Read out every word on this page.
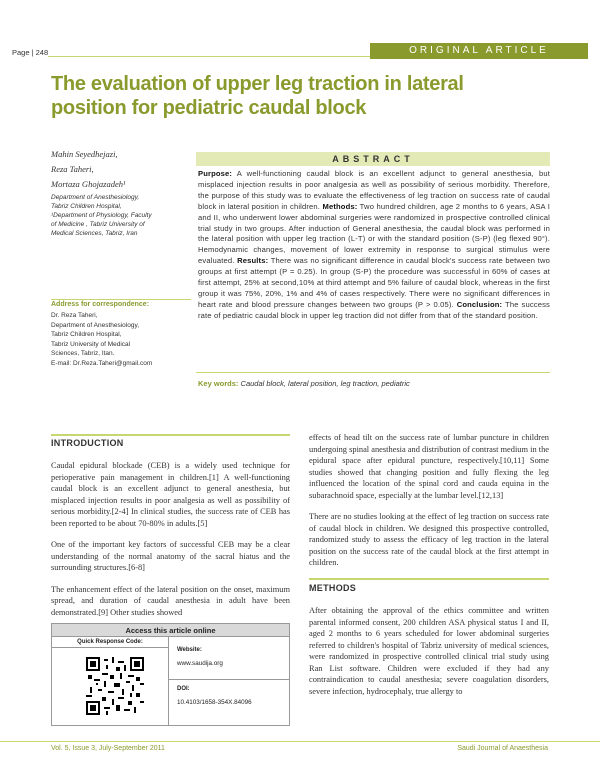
Page | 248	ORIGINAL ARTICLE
The evaluation of upper leg traction in lateral
position for pediatric caudal block
Mahin Seyedhejazi,
Reza Taheri,
Mortaza Ghojazadeh¹
Department of Anesthesiology,
Tabriz Children Hospital,
¹Department of Physiology, Faculty
of Medicine , Tabriz University of
Medical Sciences, Tabriz, Iran
Address for correspondence:
Dr. Reza Taheri,
Department of Anesthesiology,
Tabriz Children Hospital,
Tabriz University of Medical
Sciences, Tabriz, Itan.
E-mail: Dr.Reza.Taheri@gmail.com
ABSTRACT
Purpose: A well-functioning caudal block is an excellent adjunct to general anesthesia, but misplaced injection results in poor analgesia as well as possibility of serious morbidity. Therefore, the purpose of this study was to evaluate the effectiveness of leg traction on success rate of caudal block in lateral position in children. Methods: Two hundred children, age 2 months to 6 years, ASA I and II, who underwent lower abdominal surgeries were randomized in prospective controlled clinical trial study in two groups. After induction of General anesthesia, the caudal block was performed in the lateral position with upper leg traction (L-T) or with the standard position (S-P) (leg flexed 90°). Hemodynamic changes, movement of lower extremity in response to surgical stimulus were evaluated. Results: There was no significant difference in caudal block's success rate between two groups at first attempt (P = 0.25). In group (S-P) the procedure was successful in 60% of cases at first attempt, 25% at second,10% at third attempt and 5% failure of caudal block, whereas in the first group it was 75%, 20%, 1% and 4% of cases respectively. There were no significant differences in heart rate and blood pressure changes between two groups (P > 0.05). Conclusion: The success rate of pediatric caudal block in upper leg traction did not differ from that of the standard position.
Key words: Caudal block, lateral position, leg traction, pediatric
INTRODUCTION

Caudal epidural blockade (CEB) is a widely used technique for perioperative pain management in children.[1] A well-functioning caudal block is an excellent adjunct to general anesthesia, but misplaced injection results in poor analgesia as well as possibility of serious morbidity.[2-4] In clinical studies, the success rate of CEB has been reported to be about 70-80% in adults.[5]

One of the important key factors of successful CEB may be a clear understanding of the normal anatomy of the sacral hiatus and the surrounding structures.[6-8]

The enhancement effect of the lateral position on the onset, maximum spread, and duration of caudal anesthesia in adult have been demonstrated.[9] Other studies showed

Access this article online
Quick Response Code:
Website:
www.saudija.org
DOI:
10.4103/1658-354X.84096

effects of head tilt on the success rate of lumbar puncture in children undergoing spinal anesthesia and distribution of contrast medium in the epidural space after epidural puncture, respectively.[10,11] Some studies showed that changing position and fully flexing the leg influenced the location of the spinal cord and cauda equina in the subarachnoid space, especially at the lumbar level.[12,13]

There are no studies looking at the effect of leg traction on success rate of caudal block in children. We designed this prospective controlled, randomized study to assess the efficacy of leg traction in the lateral position on the success rate of the caudal block at the first attempt in children.

METHODS

After obtaining the approval of the ethics committee and written parental informed consent, 200 children ASA physical status I and II, aged 2 months to 6 years scheduled for lower abdominal surgeries referred to children's hospital of Tabriz university of medical sciences, were randomized in prospective controlled clinical trial study using Ran List software. Children were excluded if they had any contraindication to caudal anesthesia; severe coagulation disorders, severe infection, hydrocephaly, true allergy to

Vol. 5, Issue 3, July-September 2011	Saudi Journal of Anaesthesia
